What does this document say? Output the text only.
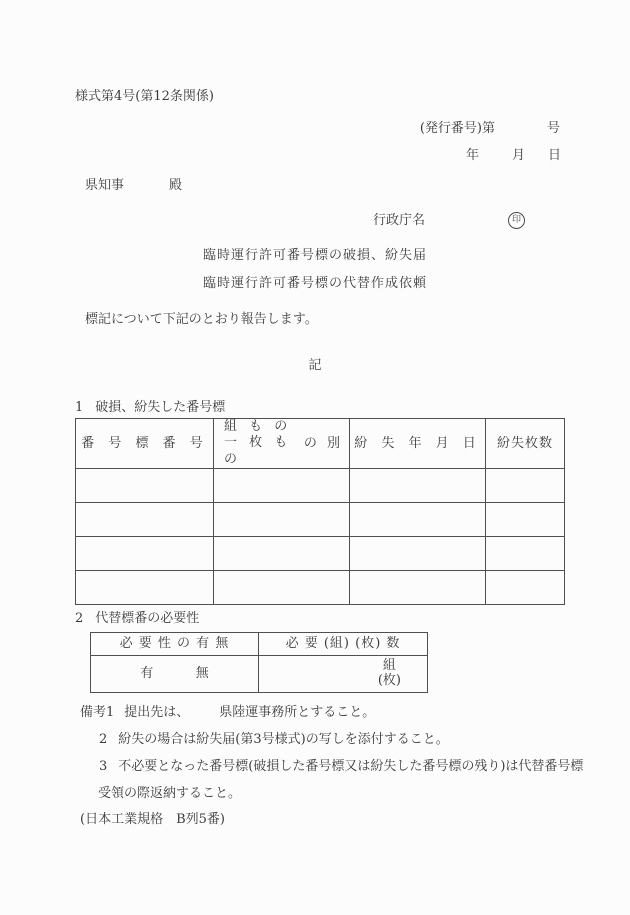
様式第4号(第12条関係)
(発行番号)第	号
年	月 日
県知事	殿
行政庁名	印
臨時運行許可番号標の破損、紛失届
臨時運行許可番号標の代替作成依頼
標記について下記のとおり報告します。
記
1 破損、紛失した番号標
番 号 標 番 号	組 も の
一 枚 も の
の 別	紛 失 年 月 日	紛失枚数

2 代替標番の必要性
必 要 性 の 有 無	必 要 (組) (枚) 数

有 無	組
(枚)
備考1 提出先は、 県陸運事務所とすること。
2 紛失の場合は紛失届(第3号様式)の写しを添付すること。
3 不必要となった番号標(破損した番号標又は紛失した番号標の残り)は代替番号標
受領の際返納すること。
(日本工業規格　B列5番)
